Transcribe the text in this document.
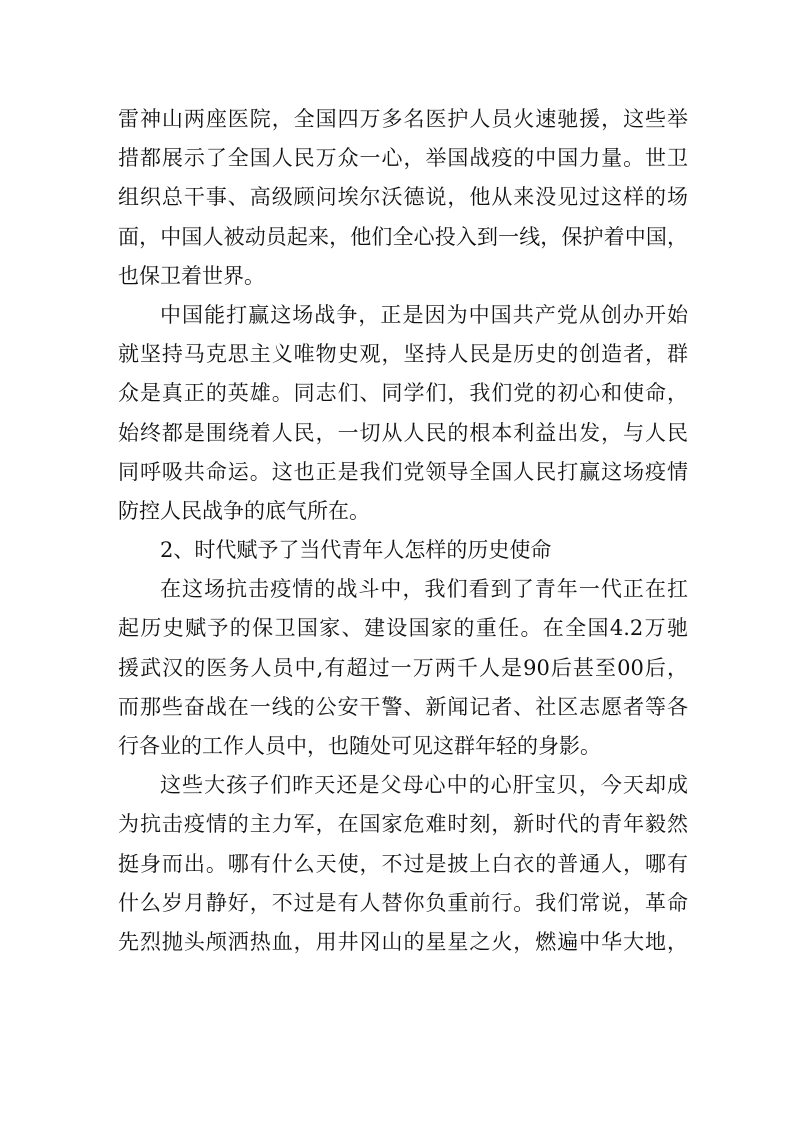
雷神山两座医院，全国四万多名医护人员火速驰援，这些举
措都展示了全国人民万众一心，举国战疫的中国力量。世卫
组织总干事、高级顾问埃尔沃德说，他从来没见过这样的场
面，中国人被动员起来，他们全心投入到一线，保护着中国，
也保卫着世界。
中国能打赢这场战争，正是因为中国共产党从创办开始
就坚持马克思主义唯物史观，坚持人民是历史的创造者，群
众是真正的英雄。同志们、同学们，我们党的初心和使命，
始终都是围绕着人民，一切从人民的根本利益出发，与人民
同呼吸共命运。这也正是我们党领导全国人民打赢这场疫情
防控人民战争的底气所在。
2、时代赋予了当代青年人怎样的历史使命
在这场抗击疫情的战斗中，我们看到了青年一代正在扛
起历史赋予的保卫国家、建设国家的重任。在全国4.2万驰
援武汉的医务人员中,有超过一万两千人是90后甚至00后，
而那些奋战在一线的公安干警、新闻记者、社区志愿者等各
行各业的工作人员中，也随处可见这群年轻的身影。
这些大孩子们昨天还是父母心中的心肝宝贝，今天却成
为抗击疫情的主力军，在国家危难时刻，新时代的青年毅然
挺身而出。哪有什么天使，不过是披上白衣的普通人，哪有
什么岁月静好，不过是有人替你负重前行。我们常说，革命
先烈抛头颅洒热血，用井冈山的星星之火，燃遍中华大地，
